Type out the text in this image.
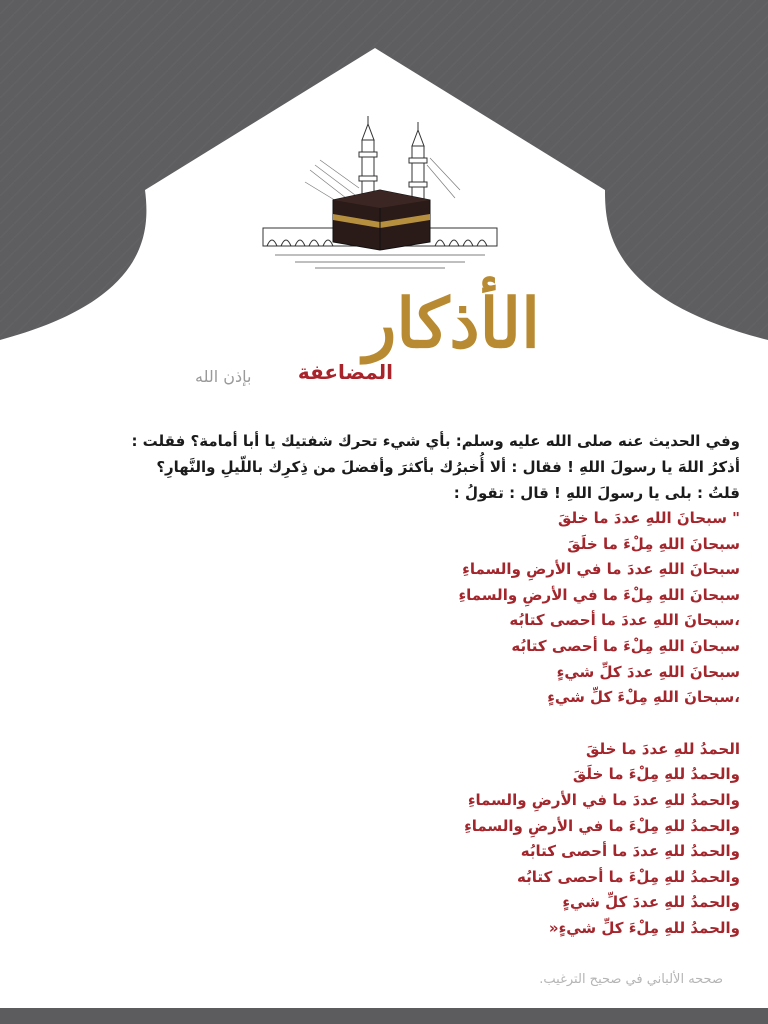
الأذكار
المضاعفة
بإذن الله
وفي الحديث عنه صلى الله عليه وسلم: بأي شيء تحرك شفتيك يا أبا أمامة؟ فقلت :
أذكرُ اللهَ يا رسولَ اللهِ ! فقال : ألا أُخبرُك بأكثرَ وأفضلَ من ذِكرِك باللّيلِ والنَّهارِ؟
قلتُ : بلى يا رسولَ اللهِ ! قال : تقولُ :
" سبحانَ اللهِ عددَ ما خلقَ
سبحانَ اللهِ مِلْءَ ما خلَقَ
سبحانَ اللهِ عددَ ما في الأرضِ والسماءِ
سبحانَ اللهِ مِلْءَ ما في الأرضِ والسماءِ
،سبحانَ اللهِ عددَ ما أحصى كتابُه
سبحانَ اللهِ مِلْءَ ما أحصى كتابُه
سبحانَ اللهِ عددَ كلِّ شيءٍ
،سبحانَ اللهِ مِلْءَ كلِّ شيءٍ
الحمدُ للهِ عددَ ما خلقَ
والحمدُ للهِ مِلْءَ ما خلَقَ
والحمدُ للهِ عددَ ما في الأرضِ والسماءِ
والحمدُ للهِ مِلْءَ ما في الأرضِ والسماءِ
والحمدُ للهِ عددَ ما أحصى كتابُه
والحمدُ للهِ مِلْءَ ما أحصى كتابُه
والحمدُ للهِ عددَ كلِّ شيءٍ
والحمدُ للهِ مِلْءَ كلِّ شيءٍ«
صححه الألباني في صحيح الترغيب.
